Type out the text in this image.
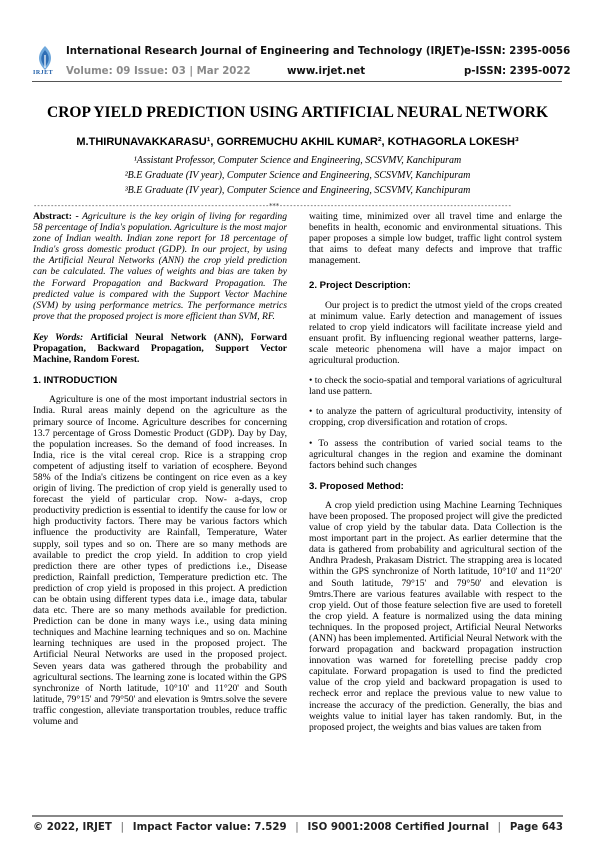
IRJET
International Research Journal of Engineering and Technology (IRJET)
Volume: 09 Issue: 03 | Mar 2022	www.irjet.net
e-ISSN: 2395-0056
p-ISSN: 2395-0072
CROP YIELD PREDICTION USING ARTIFICIAL NEURAL NETWORK
M.THIRUNAVAKKARASU¹, GORREMUCHU AKHIL KUMAR², KOTHAGORLA LOKESH³
¹Assistant Professor, Computer Science and Engineering, SCSVMV, Kanchipuram
²B.E Graduate (IV year), Computer Science and Engineering, SCSVMV, Kanchipuram
³B.E Graduate (IV year), Computer Science and Engineering, SCSVMV, Kanchipuram
---------------------------------------------------------------------***--------------------------------------------------------------------

Abstract: - Agriculture is the key origin of living for regarding 58 percentage of India's population. Agriculture is the most major zone of Indian wealth. Indian zone report for 18 percentage of India's gross domestic product (GDP). In our project, by using the Artificial Neural Networks (ANN) the crop yield prediction can be calculated. The values of weights and bias are taken by the Forward Propagation and Backward Propagation. The predicted value is compared with the Support Vector Machine (SVM) by using performance metrics. The performance metrics prove that the proposed project is more efficient than SVM, RF.

Key Words: Artificial Neural Network (ANN), Forward Propagation, Backward Propagation, Support Vector Machine, Random Forest.

1. INTRODUCTION

Agriculture is one of the most important industrial sectors in India. Rural areas mainly depend on the agriculture as the primary source of Income. Agriculture describes for concerning 13.7 percentage of Gross Domestic Product (GDP). Day by Day, the population increases. So the demand of food increases. In India, rice is the vital cereal crop. Rice is a strapping crop competent of adjusting itself to variation of ecosphere. Beyond 58% of the India's citizens be contingent on rice even as a key origin of living. The prediction of crop yield is generally used to forecast the yield of particular crop. Now- a-days, crop productivity prediction is essential to identify the cause for low or high productivity factors. There may be various factors which influence the productivity are Rainfall, Temperature, Water supply, soil types and so on. There are so many methods are available to predict the crop yield. In addition to crop yield prediction there are other types of predictions i.e., Disease prediction, Rainfall prediction, Temperature prediction etc. The prediction of crop yield is proposed in this project. A prediction can be obtain using different types data i.e., image data, tabular data etc. There are so many methods available for prediction. Prediction can be done in many ways i.e., using data mining techniques and Machine learning techniques and so on. Machine learning techniques are used in the proposed project. The Artificial Neural Networks are used in the proposed project. Seven years data was gathered through the probability and agricultural sections. The learning zone is located within the GPS synchronize of North latitude, 10°10' and 11°20' and South latitude, 79°15' and 79°50' and elevation is 9mtrs.solve the severe traffic congestion, alleviate transportation troubles, reduce traffic volume and

waiting time, minimized over all travel time and enlarge the benefits in health, economic and environmental situations. This paper proposes a simple low budget, traffic light control system that aims to defeat many defects and improve that traffic management.

2. Project Description:

Our project is to predict the utmost yield of the crops created at minimum value. Early detection and management of issues related to crop yield indicators will facilitate increase yield and ensuant profit. By influencing regional weather patterns, large-scale meteoric phenomena will have a major impact on agricultural production.

• to check the socio-spatial and temporal variations of agricultural land use pattern.

• to analyze the pattern of agricultural productivity, intensity of cropping, crop diversification and rotation of crops.

• To assess the contribution of varied social teams to the agricultural changes in the region and examine the dominant factors behind such changes

3. Proposed Method:

A crop yield prediction using Machine Learning Techniques have been proposed. The proposed project will give the predicted value of crop yield by the tabular data. Data Collection is the most important part in the project. As earlier determine that the data is gathered from probability and agricultural section of the Andhra Pradesh, Prakasam District. The strapping area is located within the GPS synchronize of North latitude, 10°10' and 11°20' and South latitude, 79°15' and 79°50' and elevation is 9mtrs.There are various features available with respect to the crop yield. Out of those feature selection five are used to foretell the crop yield. A feature is normalized using the data mining techniques. In the proposed project, Artificial Neural Networks (ANN) has been implemented. Artificial Neural Network with the forward propagation and backward propagation instruction innovation was warned for foretelling precise paddy crop capitulate. Forward propagation is used to find the predicted value of the crop yield and backward propagation is used to recheck error and replace the previous value to new value to increase the accuracy of the prediction. Generally, the bias and weights value to initial layer has taken randomly. But, in the proposed project, the weights and bias values are taken from

© 2022, IRJET | Impact Factor value: 7.529 | ISO 9001:2008 Certified Journal | Page 643
